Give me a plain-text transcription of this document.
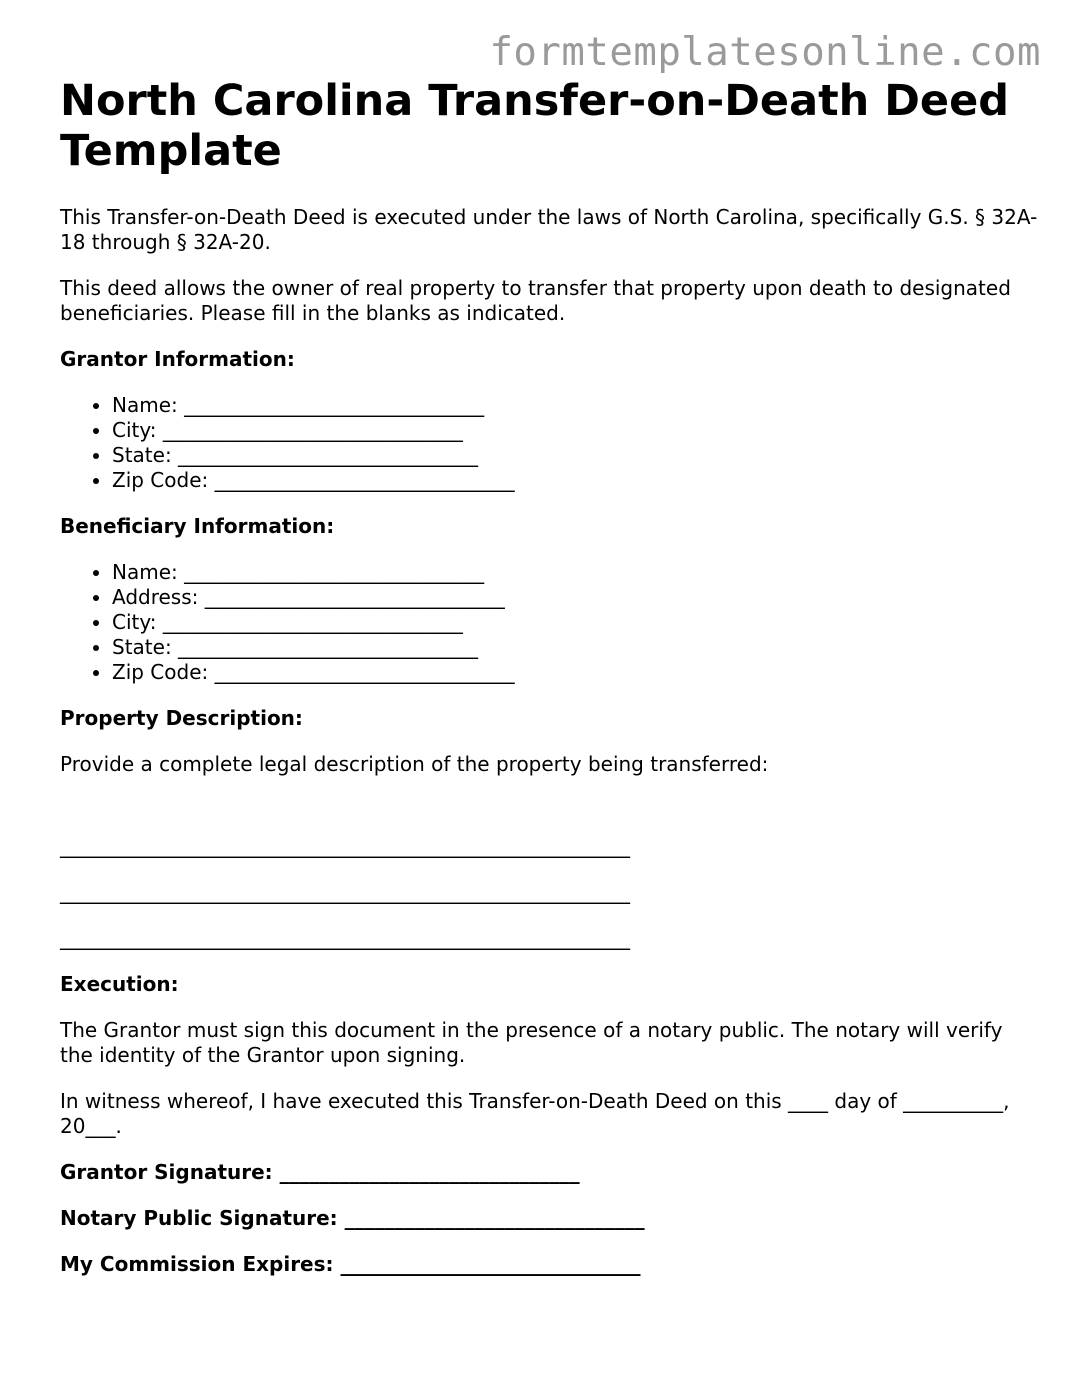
formtemplatesonline.com
North Carolina Transfer-on-Death Deed Template

This Transfer-on-Death Deed is executed under the laws of North Carolina, specifically G.S. § 32A-18 through § 32A-20.

This deed allows the owner of real property to transfer that property upon death to designated beneficiaries. Please fill in the blanks as indicated.

Grantor Information:

• Name: ______________________________
• City: ______________________________
• State: ______________________________
• Zip Code: ______________________________

Beneficiary Information:

• Name: ______________________________
• Address: ______________________________
• City: ______________________________
• State: ______________________________
• Zip Code: ______________________________

Property Description:

Provide a complete legal description of the property being transferred:

_________________________________________________________

_________________________________________________________

_________________________________________________________

Execution:

The Grantor must sign this document in the presence of a notary public. The notary will verify the identity of the Grantor upon signing.

In witness whereof, I have executed this Transfer-on-Death Deed on this ____ day of __________, 20___.

Grantor Signature: ______________________________

Notary Public Signature: ______________________________

My Commission Expires: ______________________________
